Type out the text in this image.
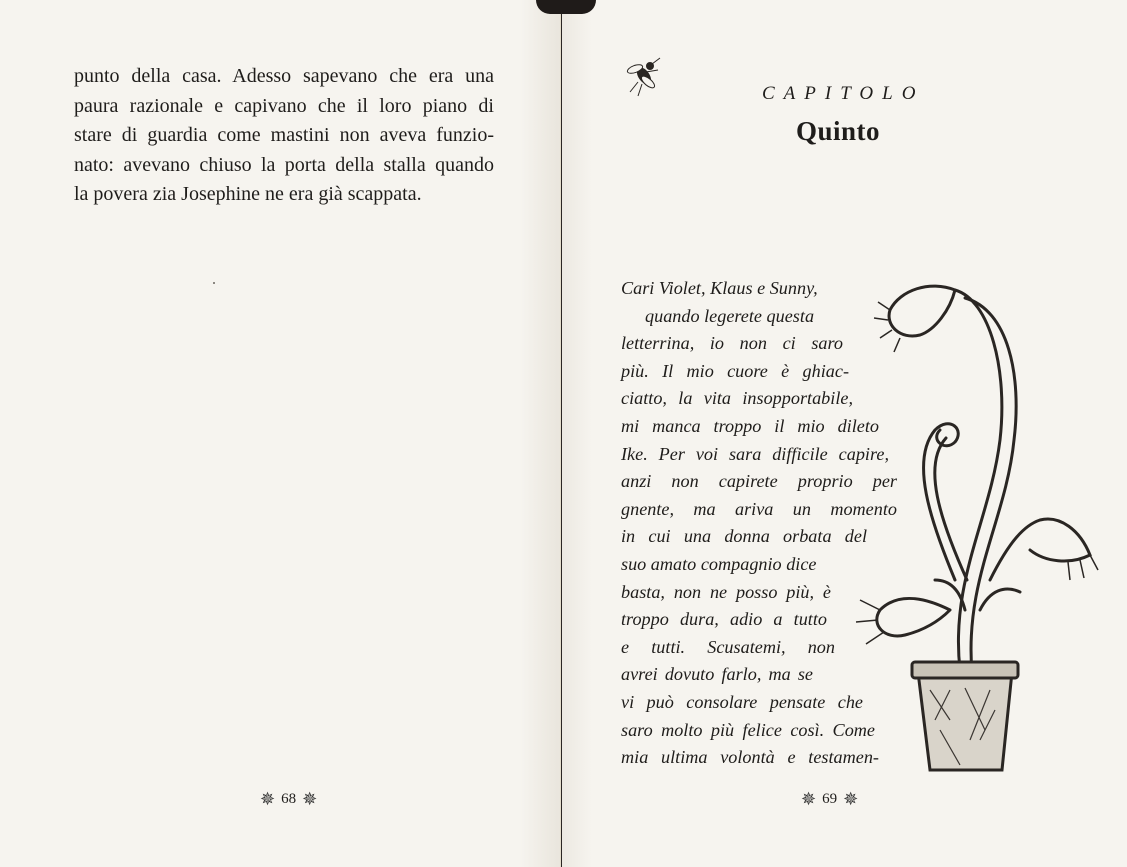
punto della casa. Adesso sapevano che era una
paura razionale e capivano che il loro piano di
stare di guardia come mastini non aveva funzio-
nato: avevano chiuso la porta della stalla quando
la povera zia Josephine ne era già scappata.
✵ 68 ✵
CAPITOLO
Quinto
Cari Violet, Klaus e Sunny,
quando legerete questa
letterrina, io non ci saro
più. Il mio cuore è ghiac-
ciatto, la vita insopportabile,
mi manca troppo il mio dileto
Ike. Per voi sara difficile capire,
anzi non capirete proprio per
gnente, ma ariva un momento
in cui una donna orbata del
suo amato compagnio dice
basta, non ne posso più, è
troppo dura, adio a tutto
e tutti. Scusatemi, non
avrei dovuto farlo, ma se
vi può consolare pensate che
saro molto più felice così. Come
mia ultima volontà e testamen-
✵ 69 ✵
